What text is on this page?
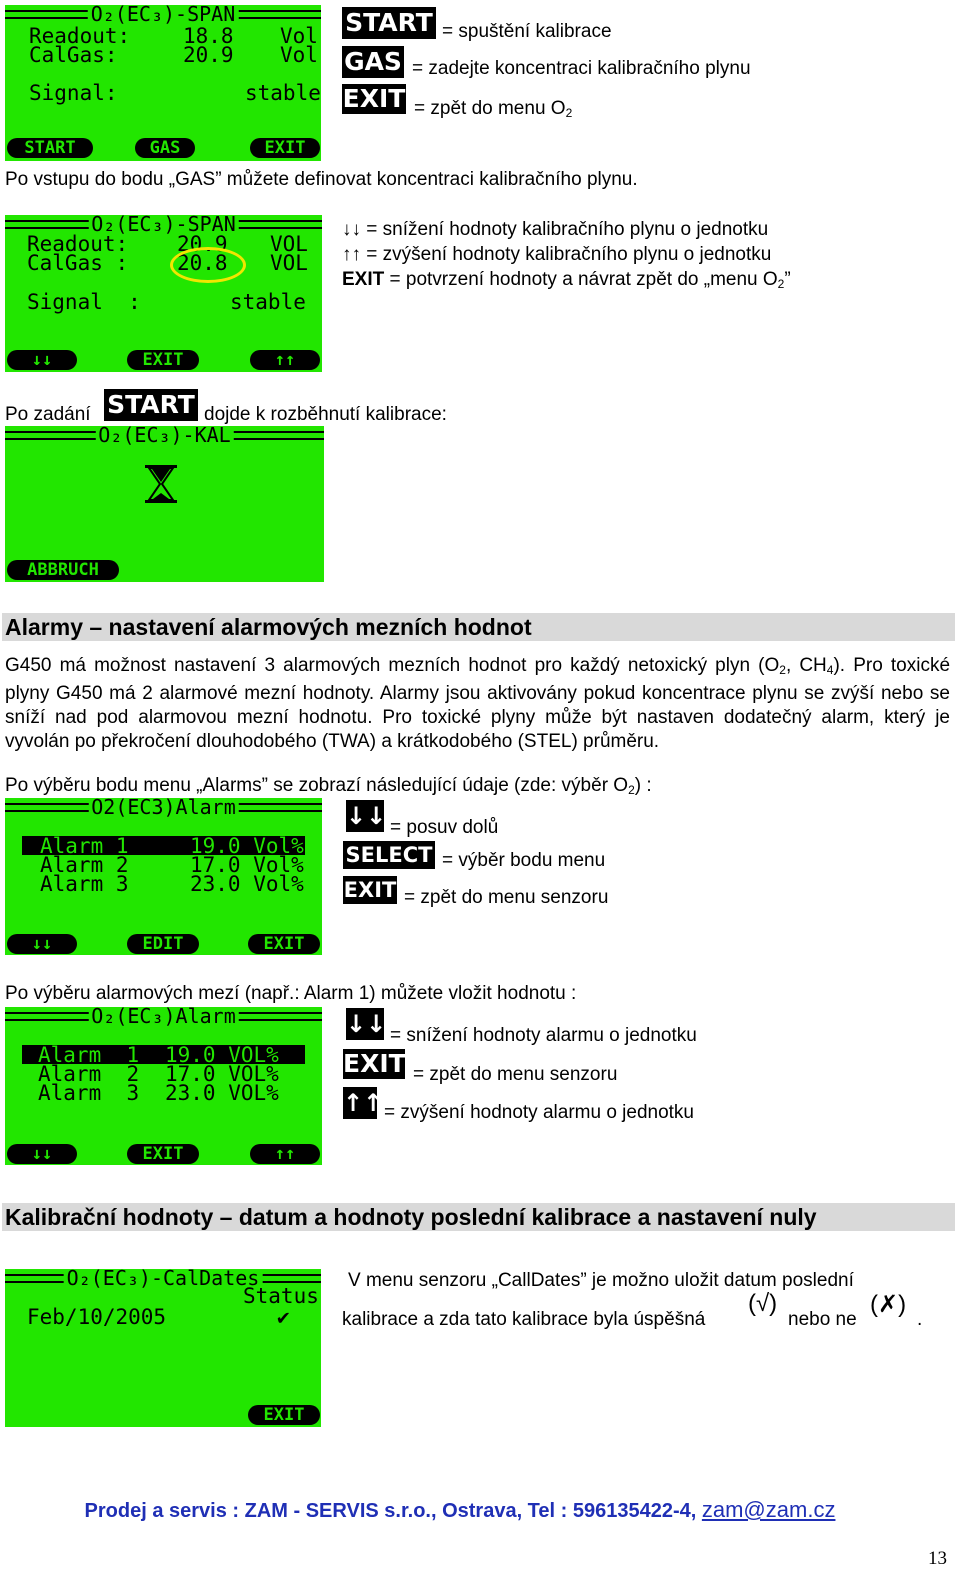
O₂(EC₃)-SPAN
Readout:	18.8 Vol
CalGas:	20.9 Vol
Signal:	stable
START	GAS	EXIT
START = spuštění kalibrace
GAS = zadejte koncentraci kalibračního plynu
EXIT = zpět do menu $O_2$
Po vstupu do bodu „GAS” můžete definovat koncentraci kalibračního plynu.
O₂(EC₃)-SPAN
Readout: 20.9 VOL
CalGas : 20.8 VOL
Signal  :	stable
↓↓	EXIT	↑↑
↓↓ = snížení hodnoty kalibračního plynu o jednotku
↑↑ = zvýšení hodnoty kalibračního plynu o jednotku
EXIT = potvrzení hodnoty a návrat zpět do „menu $O_2$”
Po zadání START dojde k rozběhnutí kalibrace:
O₂(EC₃)-KAL
ABBRUCH
Alarmy – nastavení alarmových mezních hodnot
G450 má možnost nastavení 3 alarmových mezních hodnot pro každý netoxický plyn ($O_2$, $CH_4$). Pro toxické plyny G450 má 2 alarmové mezní hodnoty. Alarmy jsou aktivovány pokud koncentrace plynu se zvýší nebo se sníží nad pod alarmovou mezní hodnotu. Pro toxické plyny může být nastaven dodatečný alarm, který je vyvolán po překročení dlouhodobého (TWA) a krátkodobého (STEL) průměru.
Po výběru bodu menu „Alarms” se zobrazí následující údaje (zde: výběr $O_2$) :
O2(EC3)Alarm
Alarm 1	19.0 Vol%
Alarm 2	17.0 Vol%
Alarm 3	23.0 Vol%
↓↓	EDIT	EXIT
↓↓ = posuv dolů
SELECT = výběr bodu menu
EXIT = zpět do menu senzoru
Po výběru alarmových mezí (např.: Alarm 1) můžete vložit hodnotu :
O₂(EC₃)Alarm
Alarm  1 19.0 VOL%
Alarm  2 17.0 VOL%
Alarm  3 23.0 VOL%
↓↓	EXIT	↑↑
↓↓ = snížení hodnoty alarmu o jednotku
EXIT = zpět do menu senzoru
↑↑ = zvýšení hodnoty alarmu o jednotku
Kalibrační hodnoty – datum a hodnoty poslední kalibrace a nastavení nuly
O₂(EC₃)-CalDates
Status
Feb/10/2005	✔
EXIT
V menu senzoru „CallDates” je možno uložit datum poslední
kalibrace a zda tato kalibrace byla úspěšná
(√)
nebo ne
(✗)
.
Prodej a servis : ZAM - SERVIS s.r.o., Ostrava, Tel : 596135422-4, zam@zam.cz
13
